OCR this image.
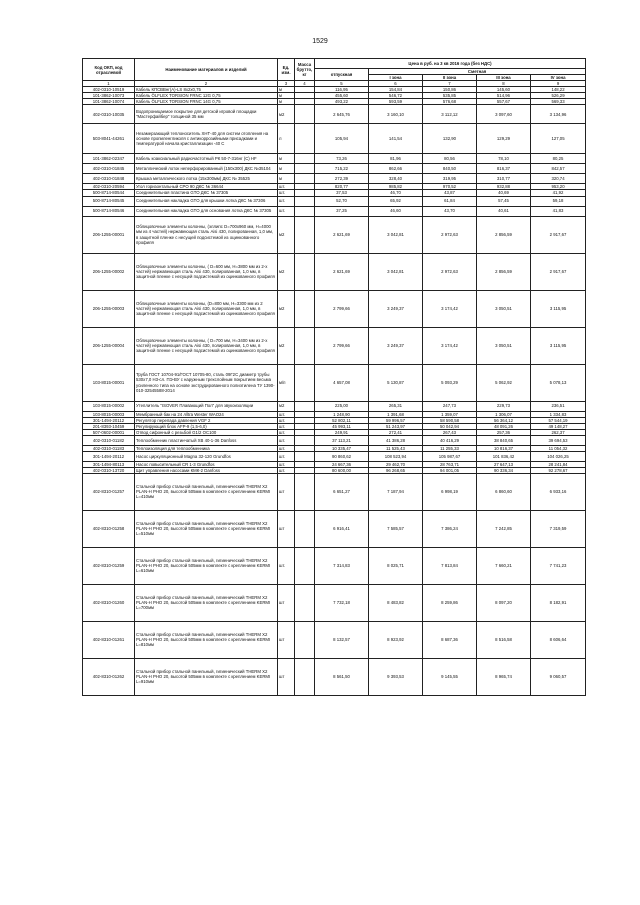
1529
Код ОКП, код отраслевой	Наименование материалов и изделий	Ед. изм.	Масса брутто, кг	Цена в руб. на 3 кв 2016 года (без НДС)				
				отпускная	Сметная			
					I зона	II зона	III зона	IV зона
1	2	3	4	5	6	7	8	9
402-0310-10519	Кабель КПСВВнг(А)-LS 8х2х0,75	м		116,95	154,84	150,86	145,60	148,22
101-3862-10073	Кабель ÖLFLEX TORSION FRNC 12G 0,75	м		455,60	546,72	535,85	514,96	526,29
101-3862-10074	Кабель ÖLFLEX TORSION FRNC 14G 0,75	м		493,22	593,59	576,68	557,67	569,33
402-0310-10035	Водопроницаемое покрытие для детской игровой площадки "Мастерфайбер" толщиной 35 мм	м2		2 645,76	3 160,10	3 112,12	3 097,60	3 134,96
503-8041-44261	Незамерзающий теплоноситель ХНТ-40 для систем отопления на основе пропиленгликоля с антикоррозийными присадками и температурой начала кристаллизации -40 С	л		105,94	141,54	132,90	129,29	127,05
101-3862-02347	Кабель коаксиальный радиочастотный РК 50-7-316нг (С) HF	м		73,26	81,96	80,56	78,10	80,25
402-0310-01845	Металлический лоток неперфорированный (150х300) ДКС №35104	м		715,22	862,66	840,50	816,37	842,57
402-0310-01848	Крышка металлического лотка (15х300мм) ДКС № 35525	м		272,39	328,40	319,95	310,77	320,74
402-0310-20594	Угол горизонтальный СРО 90 ДКС № 36644	шт.		820,77	985,82	970,52	932,88	953,20
500-8714-80544	Соединительная пластина GTO ДКС № 37305	шт.		37,53	46,70	43,87	40,69	41,92
500-8714-80545	Соединительная накладка GTO для крышки лотка ДКС № 37306	шт.		52,70	65,92	61,84	57,45	59,18
500-8714-80546	Соединительная накладка GTO для основания лотка ДКС № 37305	шт.		37,25	46,60	43,70	40,61	41,83
206-1255-00001	Облицовочные элементы колонны, (эллипс D=700х960 мм, Н=4000 мм из 4 частей) нержавеющая сталь Aisi 430, полированная, 1,0 мм, в защитной пленке с несущей подсистемой из оцинкованного профиля	м2		2 621,69	3 042,81	2 972,63	2 856,59	2 917,67
206-1255-00002	Облицовочные элементы колонны, ( D=600 мм, Н=3800 мм из 2-х частей) нержавеющая сталь Aisi 430, полированная, 1,0 мм, в защитной пленке с несущей подсистемой из оцинкованного профиля	м2		2 621,69	3 042,81	2 972,63	2 856,59	2 917,67
206-1255-00003	Облицовочные элементы колонны, (D=800 мм, Н=3300 мм из 2 частей) нержавеющая сталь Aisi 430, полированная, 1,0 мм, в защитной пленке с несущей подсистемой из оцинкованного профиля	м2		2 799,66	3 249,37	3 174,42	3 050,51	3 115,95
206-1255-00004	Облицовочные элементы колонны, ( D=700 мм, Н=3400 мм из 2-х частей) нержавеющая сталь Aisi 430, полированная, 1,0 мм, в защитной пленке с несущей подсистемой из оцинкованного профиля	м2		2 799,66	3 249,37	3 174,42	3 050,51	3 115,95
103-8015-00001	Труба ГОСТ 10704-91/ГОСТ 10705-80, сталь 09Г2С диаметр трубы 530х7,0 Н3-сл. ПЭ-ВУ с наружным трехслойным покрытием весьма усиленного типа на основе экструдированного полиэтилена ТУ 1390-010-32545588-2014	м/п		4 657,08	5 130,87	5 093,29	5 062,92	5 078,13
103-8015-00002	Утеплитель "ISOVER Плавающий Пол" для звукоизоляции	м2		225,00	265,31	247,73	229,73	236,51
103-8015-00003	Мембранный бак на 24 л/ltra Wester WAO24	шт.		1 248,90	1 391,68	1 359,07	1 306,07	1 334,83
301-1494-20112	Регулятор перепада давления VGF 2	шт.		52 802,11	59 996,57	58 590,58	56 364,12	57 544,19
201-8393-10459	Регулирующий блок AFP-9 (1,5-6,0)	шт.		45 993,11	51 243,97	50 042,94	48 091,26	49 148,27
507-0602-00001	Отвод сифонный с резьбой G1/2 ОС100	шт.		249,91	272,41	267,43	257,36	262,37
402-0310-01182	Теплообменник пластинчатый XB 40-1-36 Danfoss	шт.		37 113,21	41 386,28	40 416,29	38 840,65	39 694,53
402-0310-01183	Теплоизоляция для теплообменника	шт.		10 335,47	11 525,43	11 255,33	10 816,37	11 054,32
301-1494-20112	Насос циркуляционный Magna 32-120 Grundfos	шт.		90 860,62	108 523,94	105 987,67	101 836,42	104 026,25
301-1494-80113	Насос повысительный CR 1-3 Grundfos	шт.		24 667,36	29 462,70	28 763,71	27 647,13	28 241,84
402-0310-13720	Щит управления насосами КМК-2 Danfoss	шт.		80 600,00	96 268,65	94 001,05	90 336,34	92 278,67
402-8310-01257	Стальной прибор стальной панельный, гигиенический THERM X2 PLAN-H PHO 20, высотой 505мм в комплекте с креплением KERMI L=410мм	шт		6 651,27	7 187,94	6 998,19	6 860,60	6 933,16
402-8310-01258	Стальной прибор стальной панельный, гигиенический THERM X2 PLAN-H PHO 20, высотой 505мм в комплекте с креплением KERMI L=510мм	шт		6 916,41	7 585,57	7 386,24	7 242,85	7 319,59
402-8310-01259	Стальной прибор стальной панельный, гигиенический THERM X2 PLAN-H PHO 20, высотой 505мм в комплекте с креплением KERMI L=610мм	шт.		7 314,83	8 025,71	7 813,84	7 660,21	7 741,23
402-8310-01260	Стальной прибор стальной панельный, гигиенический THERM X2 PLAN-H PHO 20, высотой 505мм в комплекте с креплением KERMI L=700мм	шт		7 732,18	8 483,82	8 259,86	8 097,20	8 182,91
402-8310-01261	Стальной прибор стальной панельный, гигиенический THERM X2 PLAN-H PHO 20, высотой 505мм в комплекте с креплением KERMI L=810мм	шт		8 132,57	8 923,92	8 687,36	8 516,58	8 606,64
402-8310-01262	Стальной прибор стальной панельный, гигиенический THERM X2 PLAN-H PHO 20, высотой 505мм в комплекте с креплением KERMI L=910мм	шт		8 561,50	9 393,53	9 145,55	8 965,74	9 060,57
